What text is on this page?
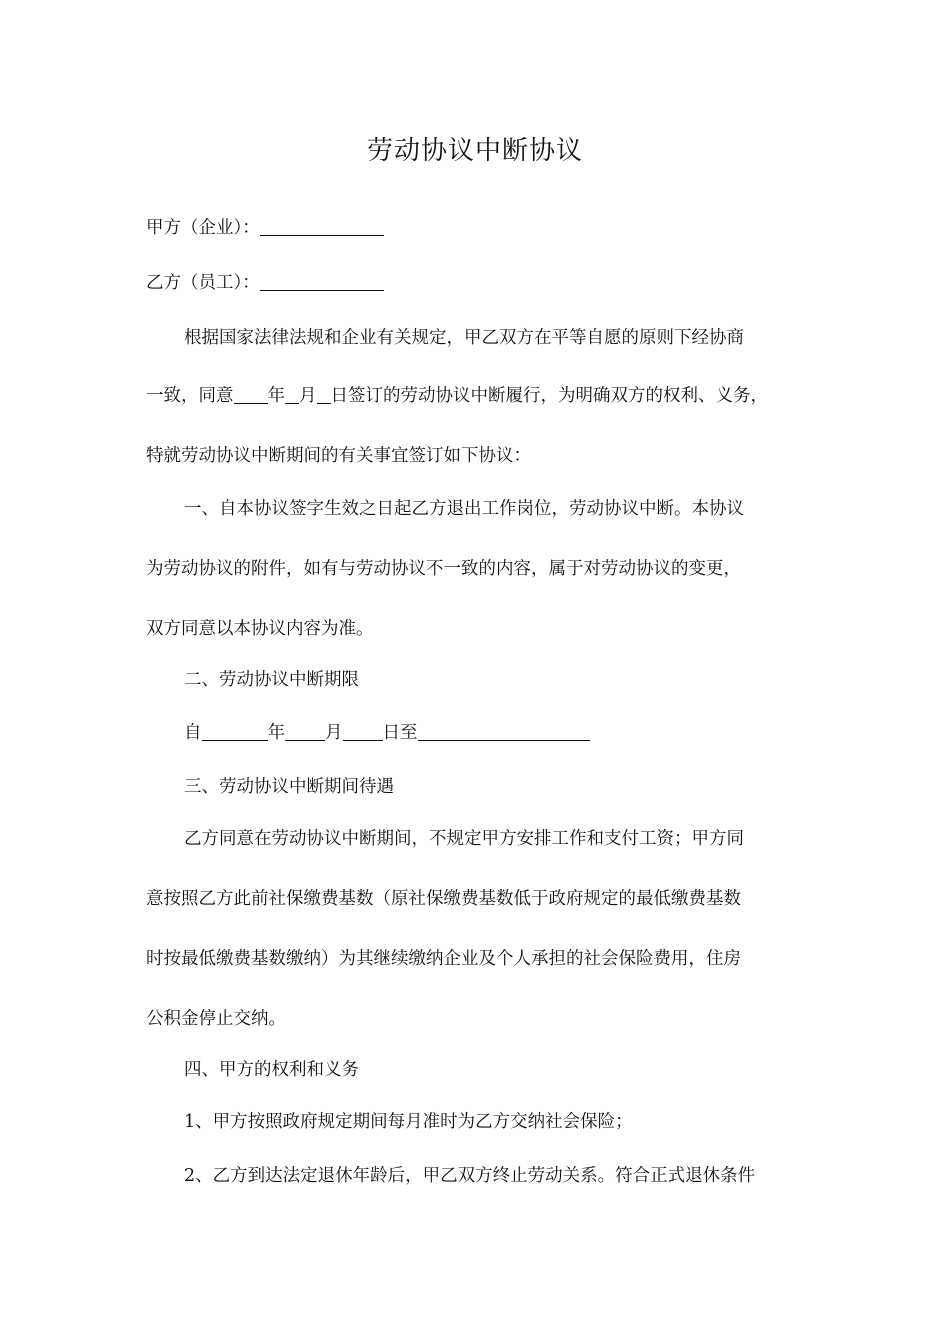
劳动协议中断协议
甲方（企业）：
乙方（员工）：
根据国家法律法规和企业有关规定，甲乙双方在平等自愿的原则下经协商
一致，同意 年 月 日签订的劳动协议中断履行，为明确双方的权利、义务，
特就劳动协议中断期间的有关事宜签订如下协议：
一、自本协议签字生效之日起乙方退出工作岗位，劳动协议中断。本协议
为劳动协议的附件，如有与劳动协议不一致的内容，属于对劳动协议的变更，
双方同意以本协议内容为准。
二、劳动协议中断期限
自	年 月 日至
三、劳动协议中断期间待遇
乙方同意在劳动协议中断期间，不规定甲方安排工作和支付工资；甲方同
意按照乙方此前社保缴费基数（原社保缴费基数低于政府规定的最低缴费基数
时按最低缴费基数缴纳）为其继续缴纳企业及个人承担的社会保险费用，住房
公积金停止交纳。
四、甲方的权利和义务
1、甲方按照政府规定期间每月准时为乙方交纳社会保险；
2、乙方到达法定退休年龄后，甲乙双方终止劳动关系。符合正式退休条件
